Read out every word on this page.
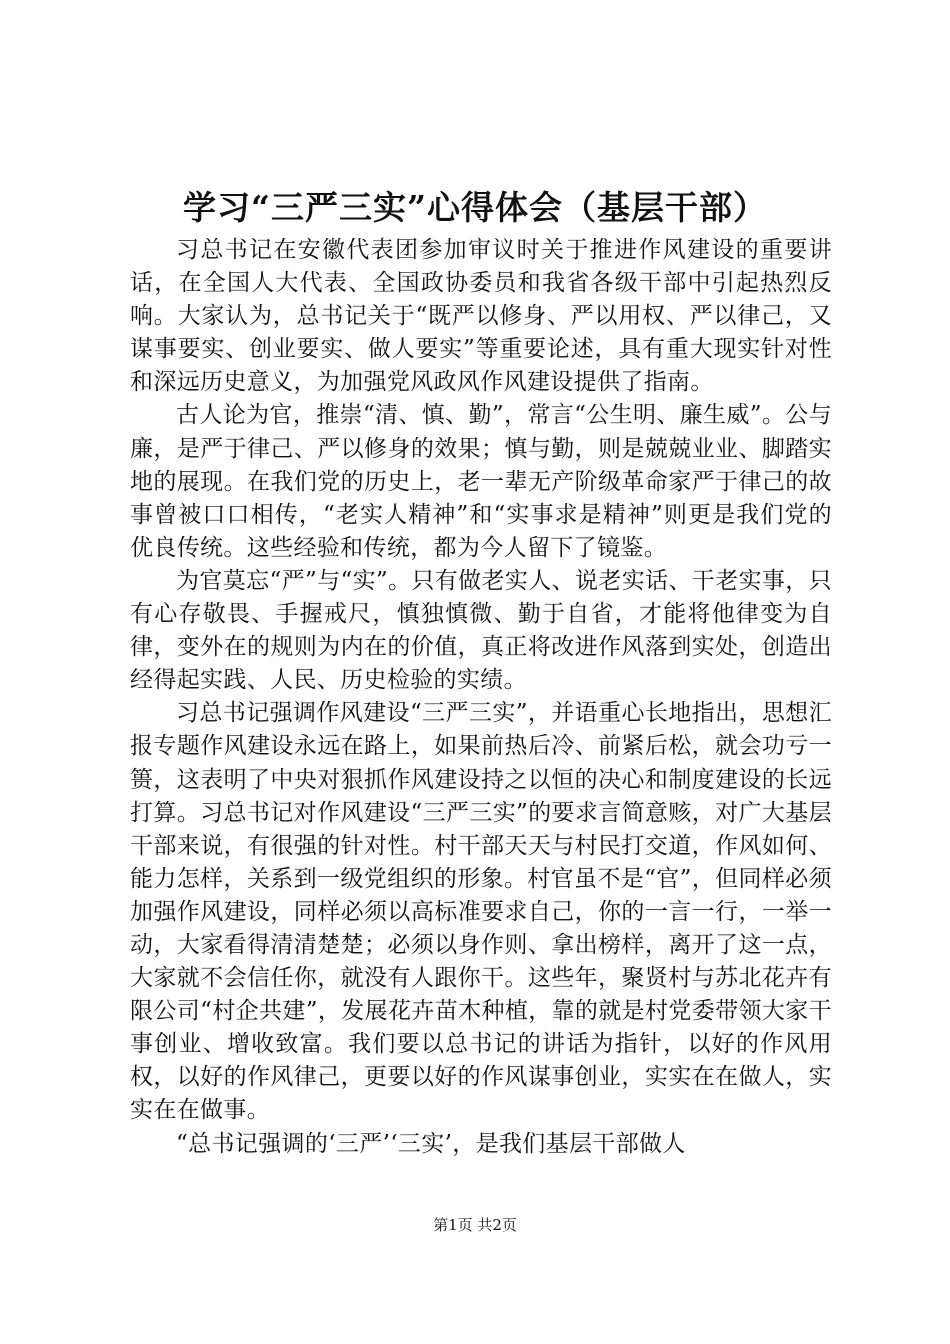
学习“三严三实”心得体会（基层干部）

习总书记在安徽代表团参加审议时关于推进作风建设的重要讲话，在全国人大代表、全国政协委员和我省各级干部中引起热烈反响。大家认为，总书记关于“既严以修身、严以用权、严以律己，又谋事要实、创业要实、做人要实”等重要论述，具有重大现实针对性和深远历史意义，为加强党风政风作风建设提供了指南。

古人论为官，推崇“清、慎、勤”，常言“公生明、廉生威”。公与廉，是严于律己、严以修身的效果；慎与勤，则是兢兢业业、脚踏实地的展现。在我们党的历史上，老一辈无产阶级革命家严于律己的故事曾被口口相传，“老实人精神”和“实事求是精神”则更是我们党的优良传统。这些经验和传统，都为今人留下了镜鉴。

为官莫忘“严”与“实”。只有做老实人、说老实话、干老实事，只有心存敬畏、手握戒尺，慎独慎微、勤于自省，才能将他律变为自律，变外在的规则为内在的价值，真正将改进作风落到实处，创造出经得起实践、人民、历史检验的实绩。

习总书记强调作风建设“三严三实”，并语重心长地指出，思想汇报专题作风建设永远在路上，如果前热后冷、前紧后松，就会功亏一篑，这表明了中央对狠抓作风建设持之以恒的决心和制度建设的长远打算。习总书记对作风建设“三严三实”的要求言简意赅，对广大基层干部来说，有很强的针对性。村干部天天与村民打交道，作风如何、能力怎样，关系到一级党组织的形象。村官虽不是“官”，但同样必须加强作风建设，同样必须以高标准要求自己，你的一言一行，一举一动，大家看得清清楚楚；必须以身作则、拿出榜样，离开了这一点，大家就不会信任你，就没有人跟你干。这些年，聚贤村与苏北花卉有限公司“村企共建”，发展花卉苗木种植，靠的就是村党委带领大家干事创业、增收致富。我们要以总书记的讲话为指针，以好的作风用权，以好的作风律己，更要以好的作风谋事创业，实实在在做人，实实在在做事。

“总书记强调的‘三严’‘三实’，是我们基层干部做人

第1页 共2页
